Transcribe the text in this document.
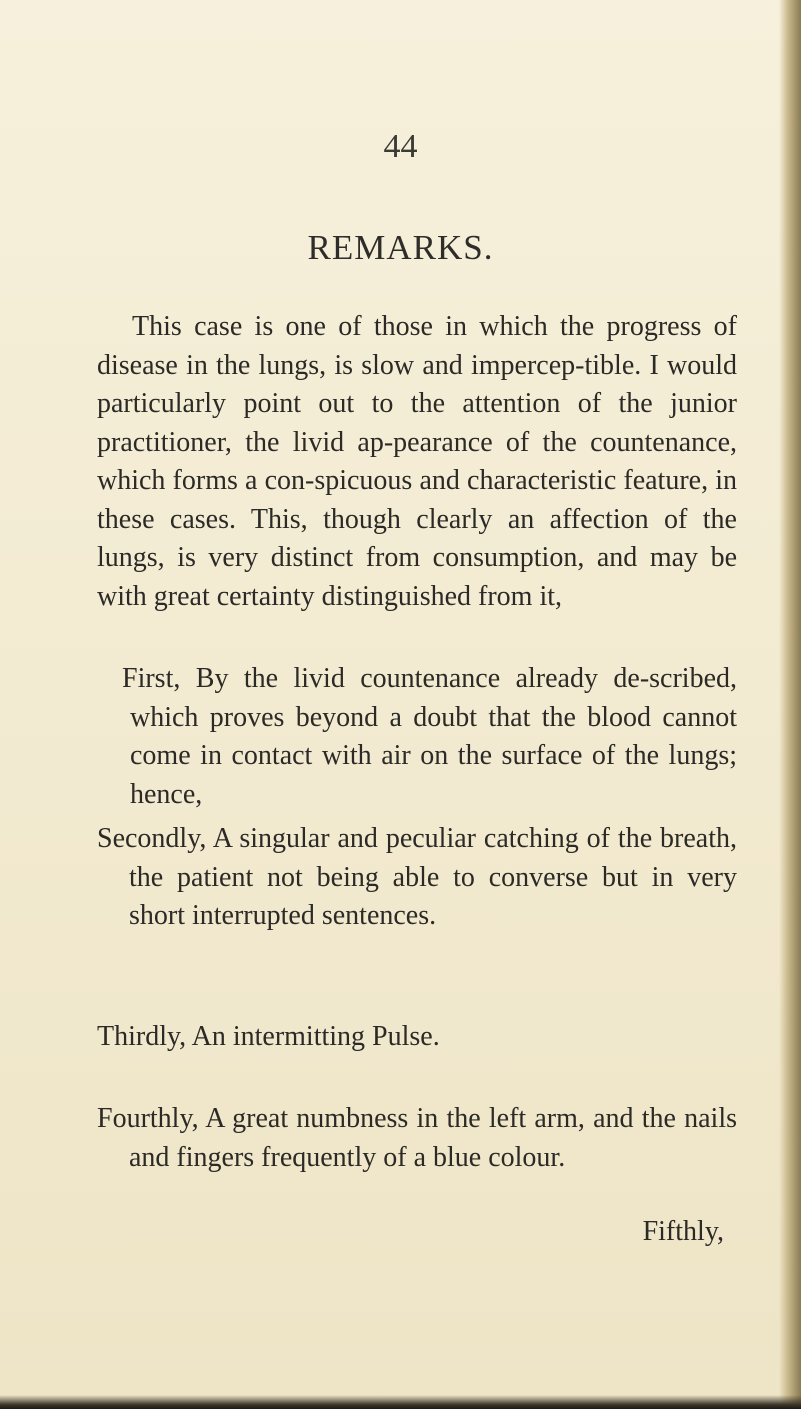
44
REMARKS.

This case is one of those in which the progress of disease in the lungs, is slow and impercep-tible. I would particularly point out to the attention of the junior practitioner, the livid ap-pearance of the countenance, which forms a con-spicuous and characteristic feature, in these cases. This, though clearly an affection of the lungs, is very distinct from consumption, and may be with great certainty distinguished from it,

First, By the livid countenance already de-scribed, which proves beyond a doubt that the blood cannot come in contact with air on the surface of the lungs; hence,

Secondly, A singular and peculiar catching of the breath, the patient not being able to converse but in very short interrupted sentences.

Thirdly, An intermitting Pulse.

Fourthly, A great numbness in the left arm, and the nails and fingers frequently of a blue colour.

Fifthly,
